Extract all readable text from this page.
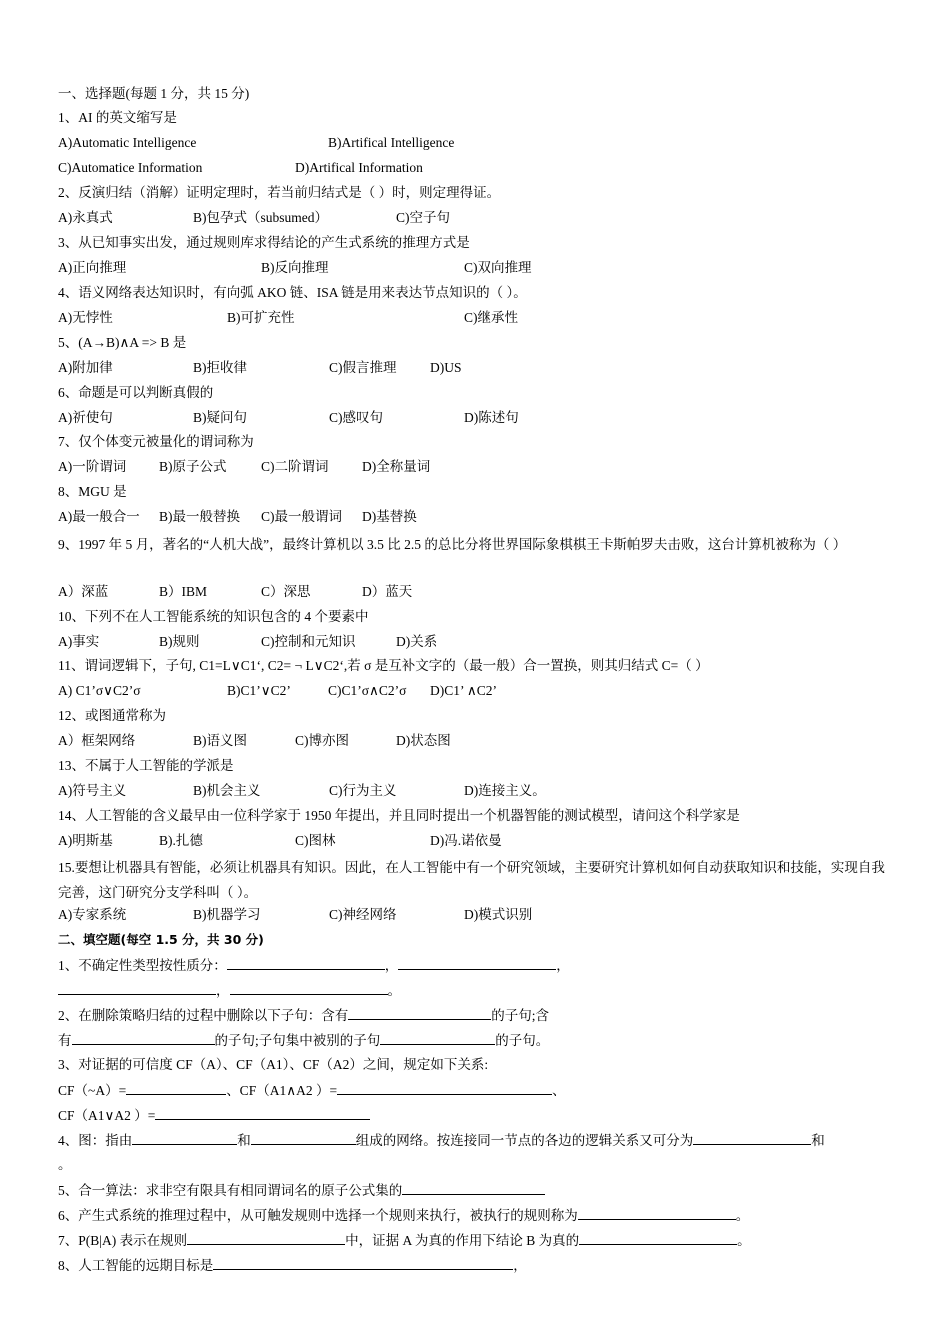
一、选择题(每题 1 分，共 15 分)
1、AI 的英文缩写是
A)Automatic Intelligence	B)Artifical Intelligence
C)Automatice Information	D)Artifical Information
2、反演归结（消解）证明定理时，若当前归结式是（ ）时，则定理得证。
A)永真式	B)包孕式（subsumed）	C)空子句
3、从已知事实出发，通过规则库求得结论的产生式系统的推理方式是
A)正向推理	B)反向推理	C)双向推理
4、语义网络表达知识时，有向弧 AKO 链、ISA 链是用来表达节点知识的（ ）。
A)无悖性	B)可扩充性	C)继承性
5、(A→B)∧A => B 是
A)附加律	B)拒收律	C)假言推理 D)US
6、命题是可以判断真假的
A)祈使句	B)疑问句	C)感叹句	D)陈述句
7、仅个体变元被量化的谓词称为
A)一阶谓词 B)原子公式	C)二阶谓词 D)全称量词
8、MGU 是
A)最一般合一 B)最一般替换 C)最一般谓词 D)基替换
9、1997 年 5 月，著名的“人机大战”，最终计算机以 3.5 比 2.5 的总比分将世界国际象棋棋王卡斯帕罗夫击败，这台计算机被称为（ ）
A）深蓝	B）IBM	C）深思	D）蓝天
10、下列不在人工智能系统的知识包含的 4 个要素中
A)事实	B)规则	C)控制和元知识	D)关系
11、谓词逻辑下，子句, C1=L∨C1‘, C2= ¬ L∨C2‘,若 σ 是互补文字的（最一般）合一置换，则其归结式 C=（ ）
A) C1’σ∨C2’σ	B)C1’∨C2’	C)C1’σ∧C2’σ D)C1’ ∧C2’
12、或图通常称为
A）框架网络	B)语义图	C)博亦图	D)状态图
13、不属于人工智能的学派是
A)符号主义	B)机会主义	C)行为主义	D)连接主义。
14、人工智能的含义最早由一位科学家于 1950 年提出，并且同时提出一个机器智能的测试模型，请问这个科学家是
A)明斯基	B).扎德	C)图林	D)冯.诺依曼
15.要想让机器具有智能，必须让机器具有知识。因此，在人工智能中有一个研究领域，主要研究计算机如何自动获取知识和技能，实现自我完善，这门研究分支学科叫（ ）。
A)专家系统	B)机器学习	C)神经网络	D)模式识别
二、填空题(每空 1.5 分，共 30 分)
1、不确定性类型按性质分：	，	，
，	。
2、在删除策略归结的过程中删除以下子句：含有	的子句;含
有	的子句;子句集中被别的子句	的子句。
3、对证据的可信度 CF（A）、CF（A1）、CF（A2）之间，规定如下关系:
CF（~A）=	、CF（A1∧A2 ）=	、
CF（A1∨A2 ）=
4、图：指由	和	组成的网络。按连接同一节点的各边的逻辑关系又可分为	和
。
5、合一算法：求非空有限具有相同谓词名的原子公式集的
6、产生式系统的推理过程中，从可触发规则中选择一个规则来执行，被执行的规则称为	。
7、P(B|A) 表示在规则	中，证据 A 为真的作用下结论 B 为真的	。
8、人工智能的远期目标是	，
